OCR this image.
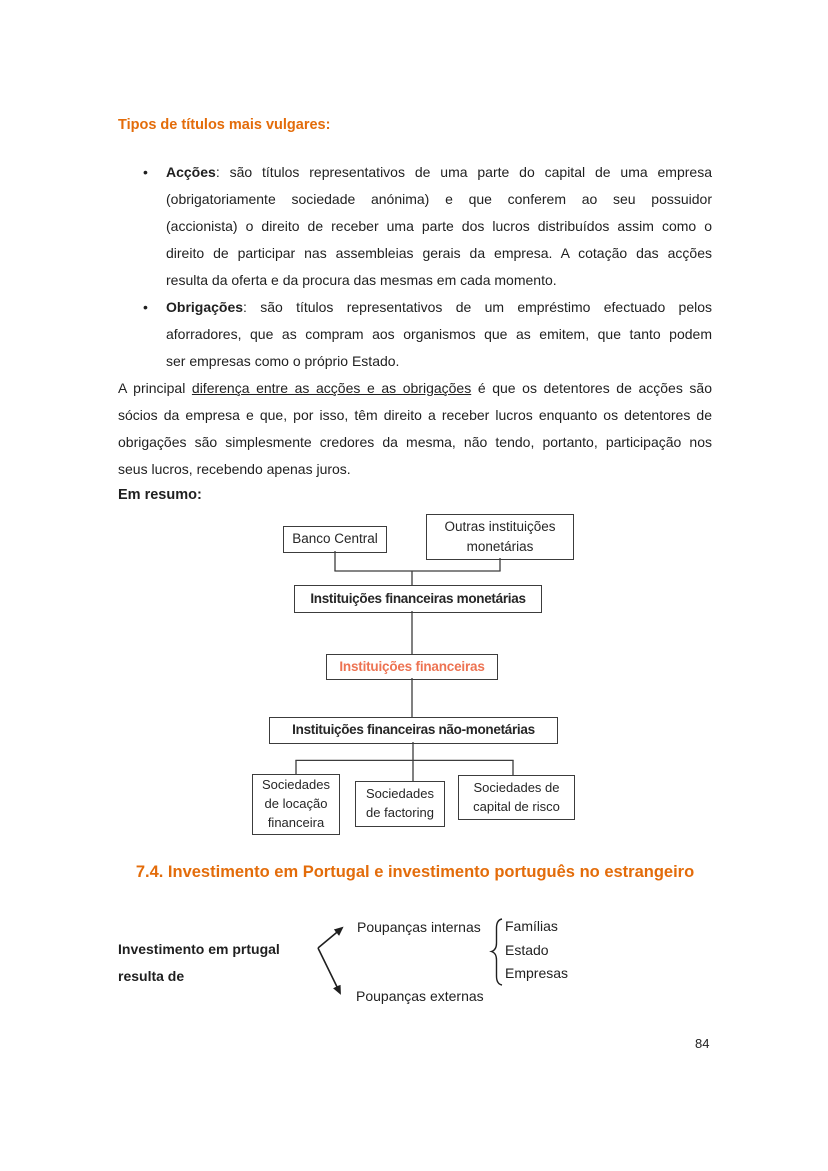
Tipos de títulos mais vulgares:
• Acções: são títulos representativos de uma parte do capital de uma empresa
(obrigatoriamente sociedade anónima) e que conferem ao seu possuidor
(accionista) o direito de receber uma parte dos lucros distribuídos assim como o
direito de participar nas assembleias gerais da empresa. A cotação das acções
resulta da oferta e da procura das mesmas em cada momento.
• Obrigações: são títulos representativos de um empréstimo efectuado pelos
aforradores, que as compram aos organismos que as emitem, que tanto podem
ser empresas como o próprio Estado.
A principal diferença entre as acções e as obrigações é que os detentores de acções são
sócios da empresa e que, por isso, têm direito a receber lucros enquanto os detentores de
obrigações são simplesmente credores da mesma, não tendo, portanto, participação nos
seus lucros, recebendo apenas juros.
Em resumo:
Banco Central
Outras instituições
monetárias
Instituições financeiras monetárias
Instituições financeiras
Instituições financeiras não-monetárias
Sociedades
de locação
financeira
Sociedades
de factoring
Sociedades de
capital de risco
7.4. Investimento em Portugal e investimento português no estrangeiro
Investimento em prtugal
resulta de
Poupanças internas
Poupanças externas
Famílias
Estado
Empresas
84
